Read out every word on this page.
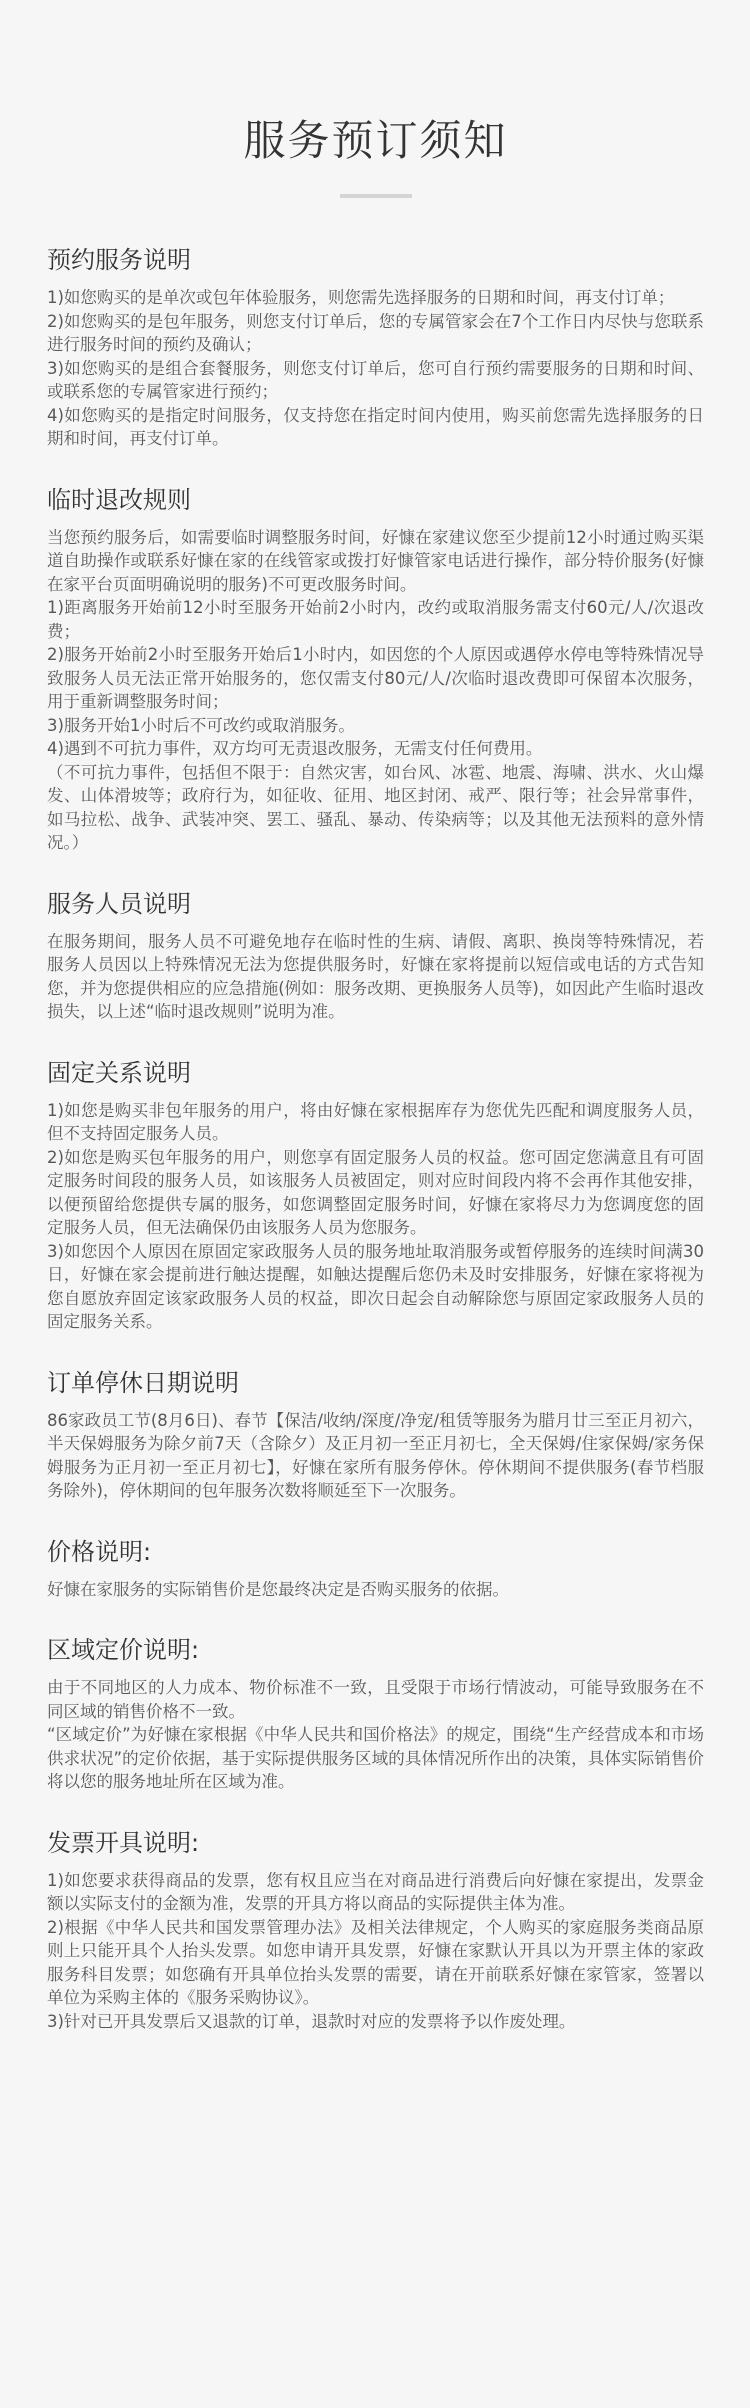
服务预订须知
预约服务说明

1)如您购买的是单次或包年体验服务，则您需先选择服务的日期和时间，再支付订单；

2)如您购买的是包年服务，则您支付订单后，您的专属管家会在7个工作日内尽快与您联系进行服务时间的预约及确认；

3)如您购买的是组合套餐服务，则您支付订单后，您可自行预约需要服务的日期和时间、或联系您的专属管家进行预约；

4)如您购买的是指定时间服务，仅支持您在指定时间内使用，购买前您需先选择服务的日期和时间，再支付订单。

临时退改规则

当您预约服务后，如需要临时调整服务时间，好慷在家建议您至少提前12小时通过购买渠道自助操作或联系好慷在家的在线管家或拨打好慷管家电话进行操作，部分特价服务(好慷在家平台页面明确说明的服务)不可更改服务时间。

1)距离服务开始前12小时至服务开始前2小时内，改约或取消服务需支付60元/人/次退改费；

2)服务开始前2小时至服务开始后1小时内，如因您的个人原因或遇停水停电等特殊情况导致服务人员无法正常开始服务的，您仅需支付80元/人/次临时退改费即可保留本次服务，用于重新调整服务时间；

3)服务开始1小时后不可改约或取消服务。

4)遇到不可抗力事件，双方均可无责退改服务，无需支付任何费用。

（不可抗力事件，包括但不限于：自然灾害，如台风、冰雹、地震、海啸、洪水、火山爆发、山体滑坡等；政府行为，如征收、征用、地区封闭、戒严、限行等；社会异常事件，如马拉松、战争、武装冲突、罢工、骚乱、暴动、传染病等；以及其他无法预料的意外情况。）

服务人员说明

在服务期间，服务人员不可避免地存在临时性的生病、请假、离职、换岗等特殊情况，若服务人员因以上特殊情况无法为您提供服务时，好慷在家将提前以短信或电话的方式告知您，并为您提供相应的应急措施(例如：服务改期、更换服务人员等)，如因此产生临时退改损失，以上述“临时退改规则”说明为准。

固定关系说明

1)如您是购买非包年服务的用户，将由好慷在家根据库存为您优先匹配和调度服务人员，但不支持固定服务人员。

2)如您是购买包年服务的用户，则您享有固定服务人员的权益。您可固定您满意且有可固定服务时间段的服务人员，如该服务人员被固定，则对应时间段内将不会再作其他安排，以便预留给您提供专属的服务，如您调整固定服务时间，好慷在家将尽力为您调度您的固定服务人员，但无法确保仍由该服务人员为您服务。

3)如您因个人原因在原固定家政服务人员的服务地址取消服务或暂停服务的连续时间满30日，好慷在家会提前进行触达提醒，如触达提醒后您仍未及时安排服务，好慷在家将视为您自愿放弃固定该家政服务人员的权益，即次日起会自动解除您与原固定家政服务人员的固定服务关系。

订单停休日期说明

86家政员工节(8月6日)、春节【保洁/收纳/深度/净宠/租赁等服务为腊月廿三至正月初六，半天保姆服务为除夕前7天（含除夕）及正月初一至正月初七，全天保姆/住家保姆/家务保姆服务为正月初一至正月初七】，好慷在家所有服务停休。停休期间不提供服务(春节档服务除外)，停休期间的包年服务次数将顺延至下一次服务。

价格说明:

好慷在家服务的实际销售价是您最终决定是否购买服务的依据。

区域定价说明:

由于不同地区的人力成本、物价标准不一致，且受限于市场行情波动，可能导致服务在不同区域的销售价格不一致。

“区域定价”为好慷在家根据《中华人民共和国价格法》的规定，围绕“生产经营成本和市场供求状况”的定价依据，基于实际提供服务区域的具体情况所作出的决策，具体实际销售价将以您的服务地址所在区域为准。

发票开具说明:

1)如您要求获得商品的发票，您有权且应当在对商品进行消费后向好慷在家提出，发票金额以实际支付的金额为准，发票的开具方将以商品的实际提供主体为准。

2)根据《中华人民共和国发票管理办法》及相关法律规定，个人购买的家庭服务类商品原则上只能开具个人抬头发票。如您申请开具发票，好慷在家默认开具以为开票主体的家政服务科目发票；如您确有开具单位抬头发票的需要，请在开前联系好慷在家管家，签署以单位为采购主体的《服务采购协议》。

3)针对已开具发票后又退款的订单，退款时对应的发票将予以作废处理。
